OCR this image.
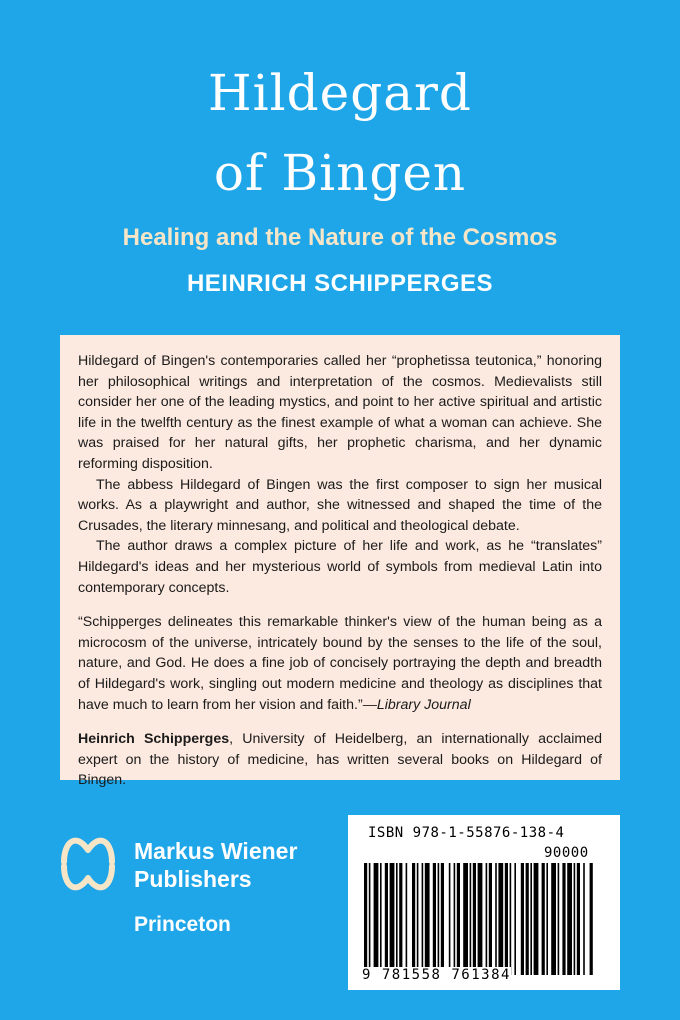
Hildegard
of Bingen
Healing and the Nature of the Cosmos
HEINRICH SCHIPPERGES

Hildegard of Bingen's contemporaries called her “prophetissa teutonica,” honoring her philosophical writings and interpretation of the cosmos. Medievalists still consider her one of the leading mystics, and point to her active spiritual and artistic life in the twelfth century as the finest example of what a woman can achieve. She was praised for her natural gifts, her prophetic charisma, and her dynamic reforming disposition.

The abbess Hildegard of Bingen was the first composer to sign her musical works. As a playwright and author, she witnessed and shaped the time of the Crusades, the literary minnesang, and political and theological debate.

The author draws a complex picture of her life and work, as he “translates” Hildegard's ideas and her mysterious world of symbols from medieval Latin into contemporary concepts.

“Schipperges delineates this remarkable thinker's view of the human being as a microcosm of the universe, intricately bound by the senses to the life of the soul, nature, and God. He does a fine job of concisely portraying the depth and breadth of Hildegard's work, singling out modern medicine and theology as disciplines that have much to learn from her vision and faith.”—Library Journal

Heinrich Schipperges, University of Heidelberg, an internationally acclaimed expert on the history of medicine, has written several books on Hildegard of Bingen.

Markus Wiener
Publishers
Princeton
ISBN 978-1-55876-138-4
90000
9 781558 761384
